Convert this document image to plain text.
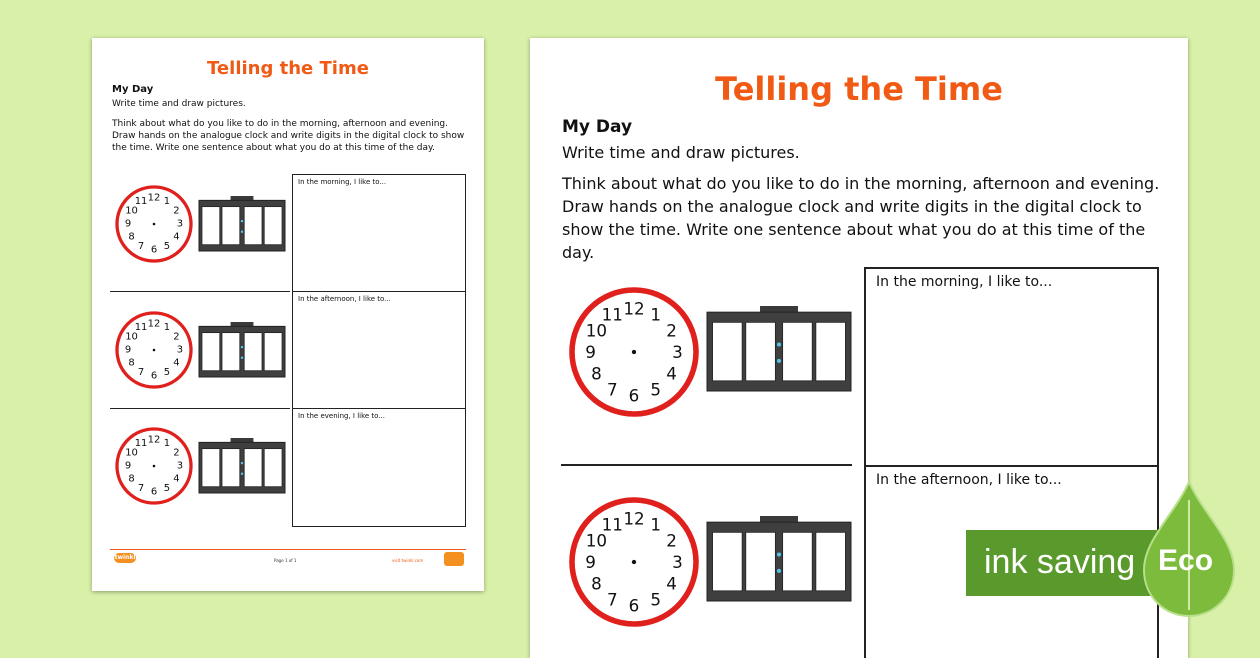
Telling the Time
My Day
Write time and draw pictures.
Think about what do you like to do in the morning, afternoon and evening. Draw hands on the analogue clock and write digits in the digital clock to show the time. Write one sentence about what you do at this time of the day.
In the morning, I like to...
In the afternoon, I like to...
In the evening, I like to...
12 1
2
3
4
5
6
7
8
9
10
11
12 1
2
3
4
5
6
7
8
9
10
11
12 1
2
3
4
5
6
7
8
9
10
11
twinkl	Page 1 of 1	visit twinkl.com
Telling the Time
My Day
Write time and draw pictures.
Think about what do you like to do in the morning, afternoon and evening. Draw hands on the analogue clock and write digits in the digital clock to show the time. Write one sentence about what you do at this time of the day.
In the morning, I like to...
In the afternoon, I like to...
12 1
2
3
4
5
6
7
8
9
10
11
12 1
2
3
4
5
6
7
8
9
10
11
ink saving Eco
